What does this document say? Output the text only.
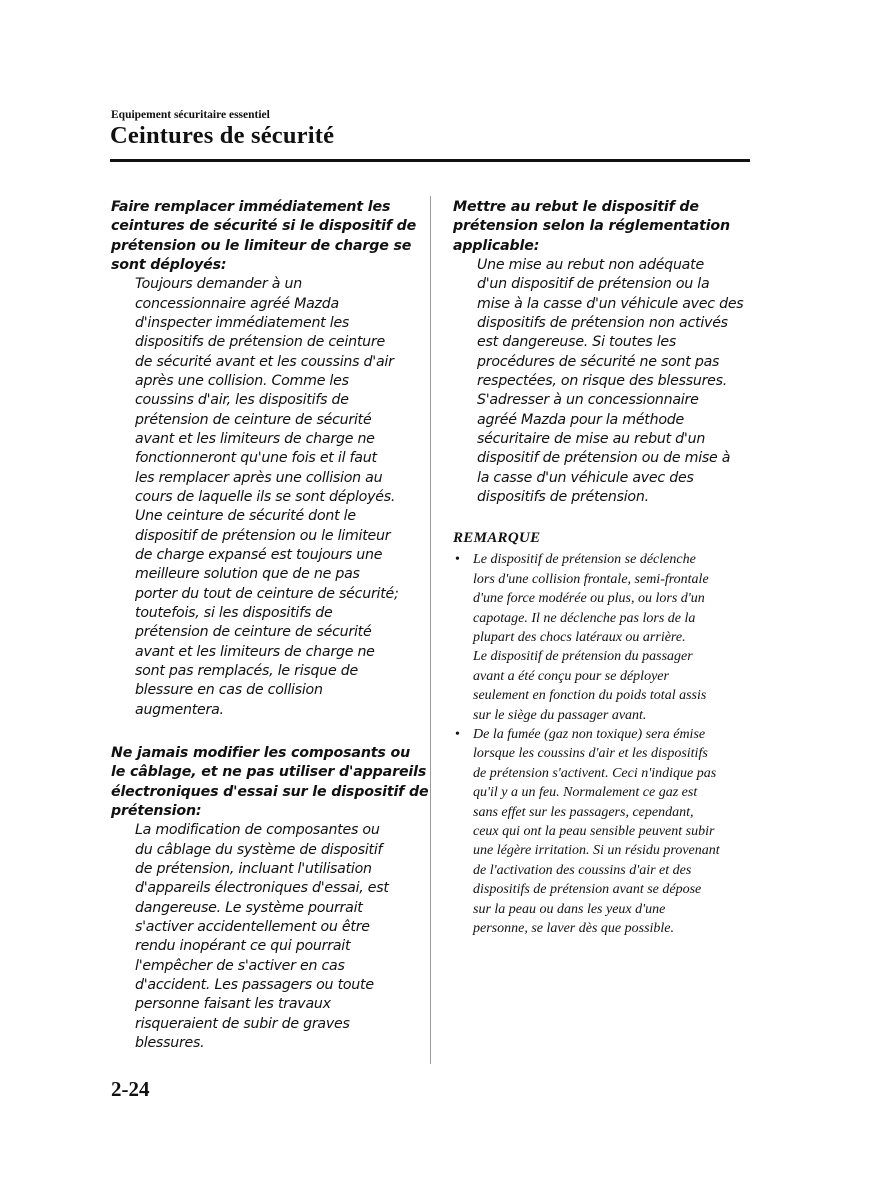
Equipement sécuritaire essentiel
Ceintures de sécurité

Faire remplacer immédiatement les
ceintures de sécurité si le dispositif de
prétension ou le limiteur de charge se
sont déployés:

Toujours demander à un
concessionnaire agréé Mazda
d'inspecter immédiatement les
dispositifs de prétension de ceinture
de sécurité avant et les coussins d'air
après une collision. Comme les
coussins d'air, les dispositifs de
prétension de ceinture de sécurité
avant et les limiteurs de charge ne
fonctionneront qu'une fois et il faut
les remplacer après une collision au
cours de laquelle ils se sont déployés.
Une ceinture de sécurité dont le
dispositif de prétension ou le limiteur
de charge expansé est toujours une
meilleure solution que de ne pas
porter du tout de ceinture de sécurité;
toutefois, si les dispositifs de
prétension de ceinture de sécurité
avant et les limiteurs de charge ne
sont pas remplacés, le risque de
blessure en cas de collision
augmentera.

Ne jamais modifier les composants ou
le câblage, et ne pas utiliser d'appareils
électroniques d'essai sur le dispositif de
prétension:

La modification de composantes ou
du câblage du système de dispositif
de prétension, incluant l'utilisation
d'appareils électroniques d'essai, est
dangereuse. Le système pourrait
s'activer accidentellement ou être
rendu inopérant ce qui pourrait
l'empêcher de s'activer en cas
d'accident. Les passagers ou toute
personne faisant les travaux
risqueraient de subir de graves
blessures.

Mettre au rebut le dispositif de
prétension selon la réglementation
applicable:

Une mise au rebut non adéquate
d'un dispositif de prétension ou la
mise à la casse d'un véhicule avec des
dispositifs de prétension non activés
est dangereuse. Si toutes les
procédures de sécurité ne sont pas
respectées, on risque des blessures.
S'adresser à un concessionnaire
agréé Mazda pour la méthode
sécuritaire de mise au rebut d'un
dispositif de prétension ou de mise à
la casse d'un véhicule avec des
dispositifs de prétension.

REMARQUE
• Le dispositif de prétension se déclenche
lors d'une collision frontale, semi-frontale
d'une force modérée ou plus, ou lors d'un
capotage. Il ne déclenche pas lors de la
plupart des chocs latéraux ou arrière.
Le dispositif de prétension du passager
avant a été conçu pour se déployer
seulement en fonction du poids total assis
sur le siège du passager avant.
• De la fumée (gaz non toxique) sera émise
lorsque les coussins d'air et les dispositifs
de prétension s'activent. Ceci n'indique pas
qu'il y a un feu. Normalement ce gaz est
sans effet sur les passagers, cependant,
ceux qui ont la peau sensible peuvent subir
une légère irritation. Si un résidu provenant
de l'activation des coussins d'air et des
dispositifs de prétension avant se dépose
sur la peau ou dans les yeux d'une
personne, se laver dès que possible.
2-24
